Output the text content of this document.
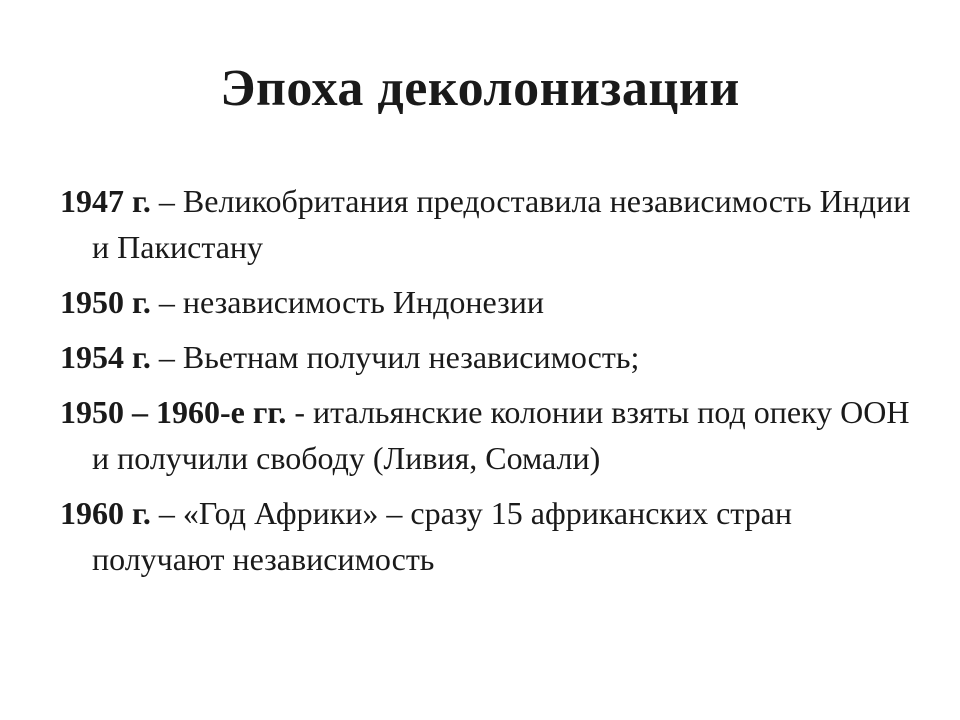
Эпоха деколонизации
1947 г. – Великобритания предоставила независимость Индии и Пакистану
1950 г. – независимость Индонезии
1954 г. – Вьетнам получил независимость;
1950 – 1960-е гг. - итальянские колонии взяты под опеку ООН и получили свободу (Ливия, Сомали)
1960 г. – «Год Африки» – сразу 15 африканских стран получают независимость
